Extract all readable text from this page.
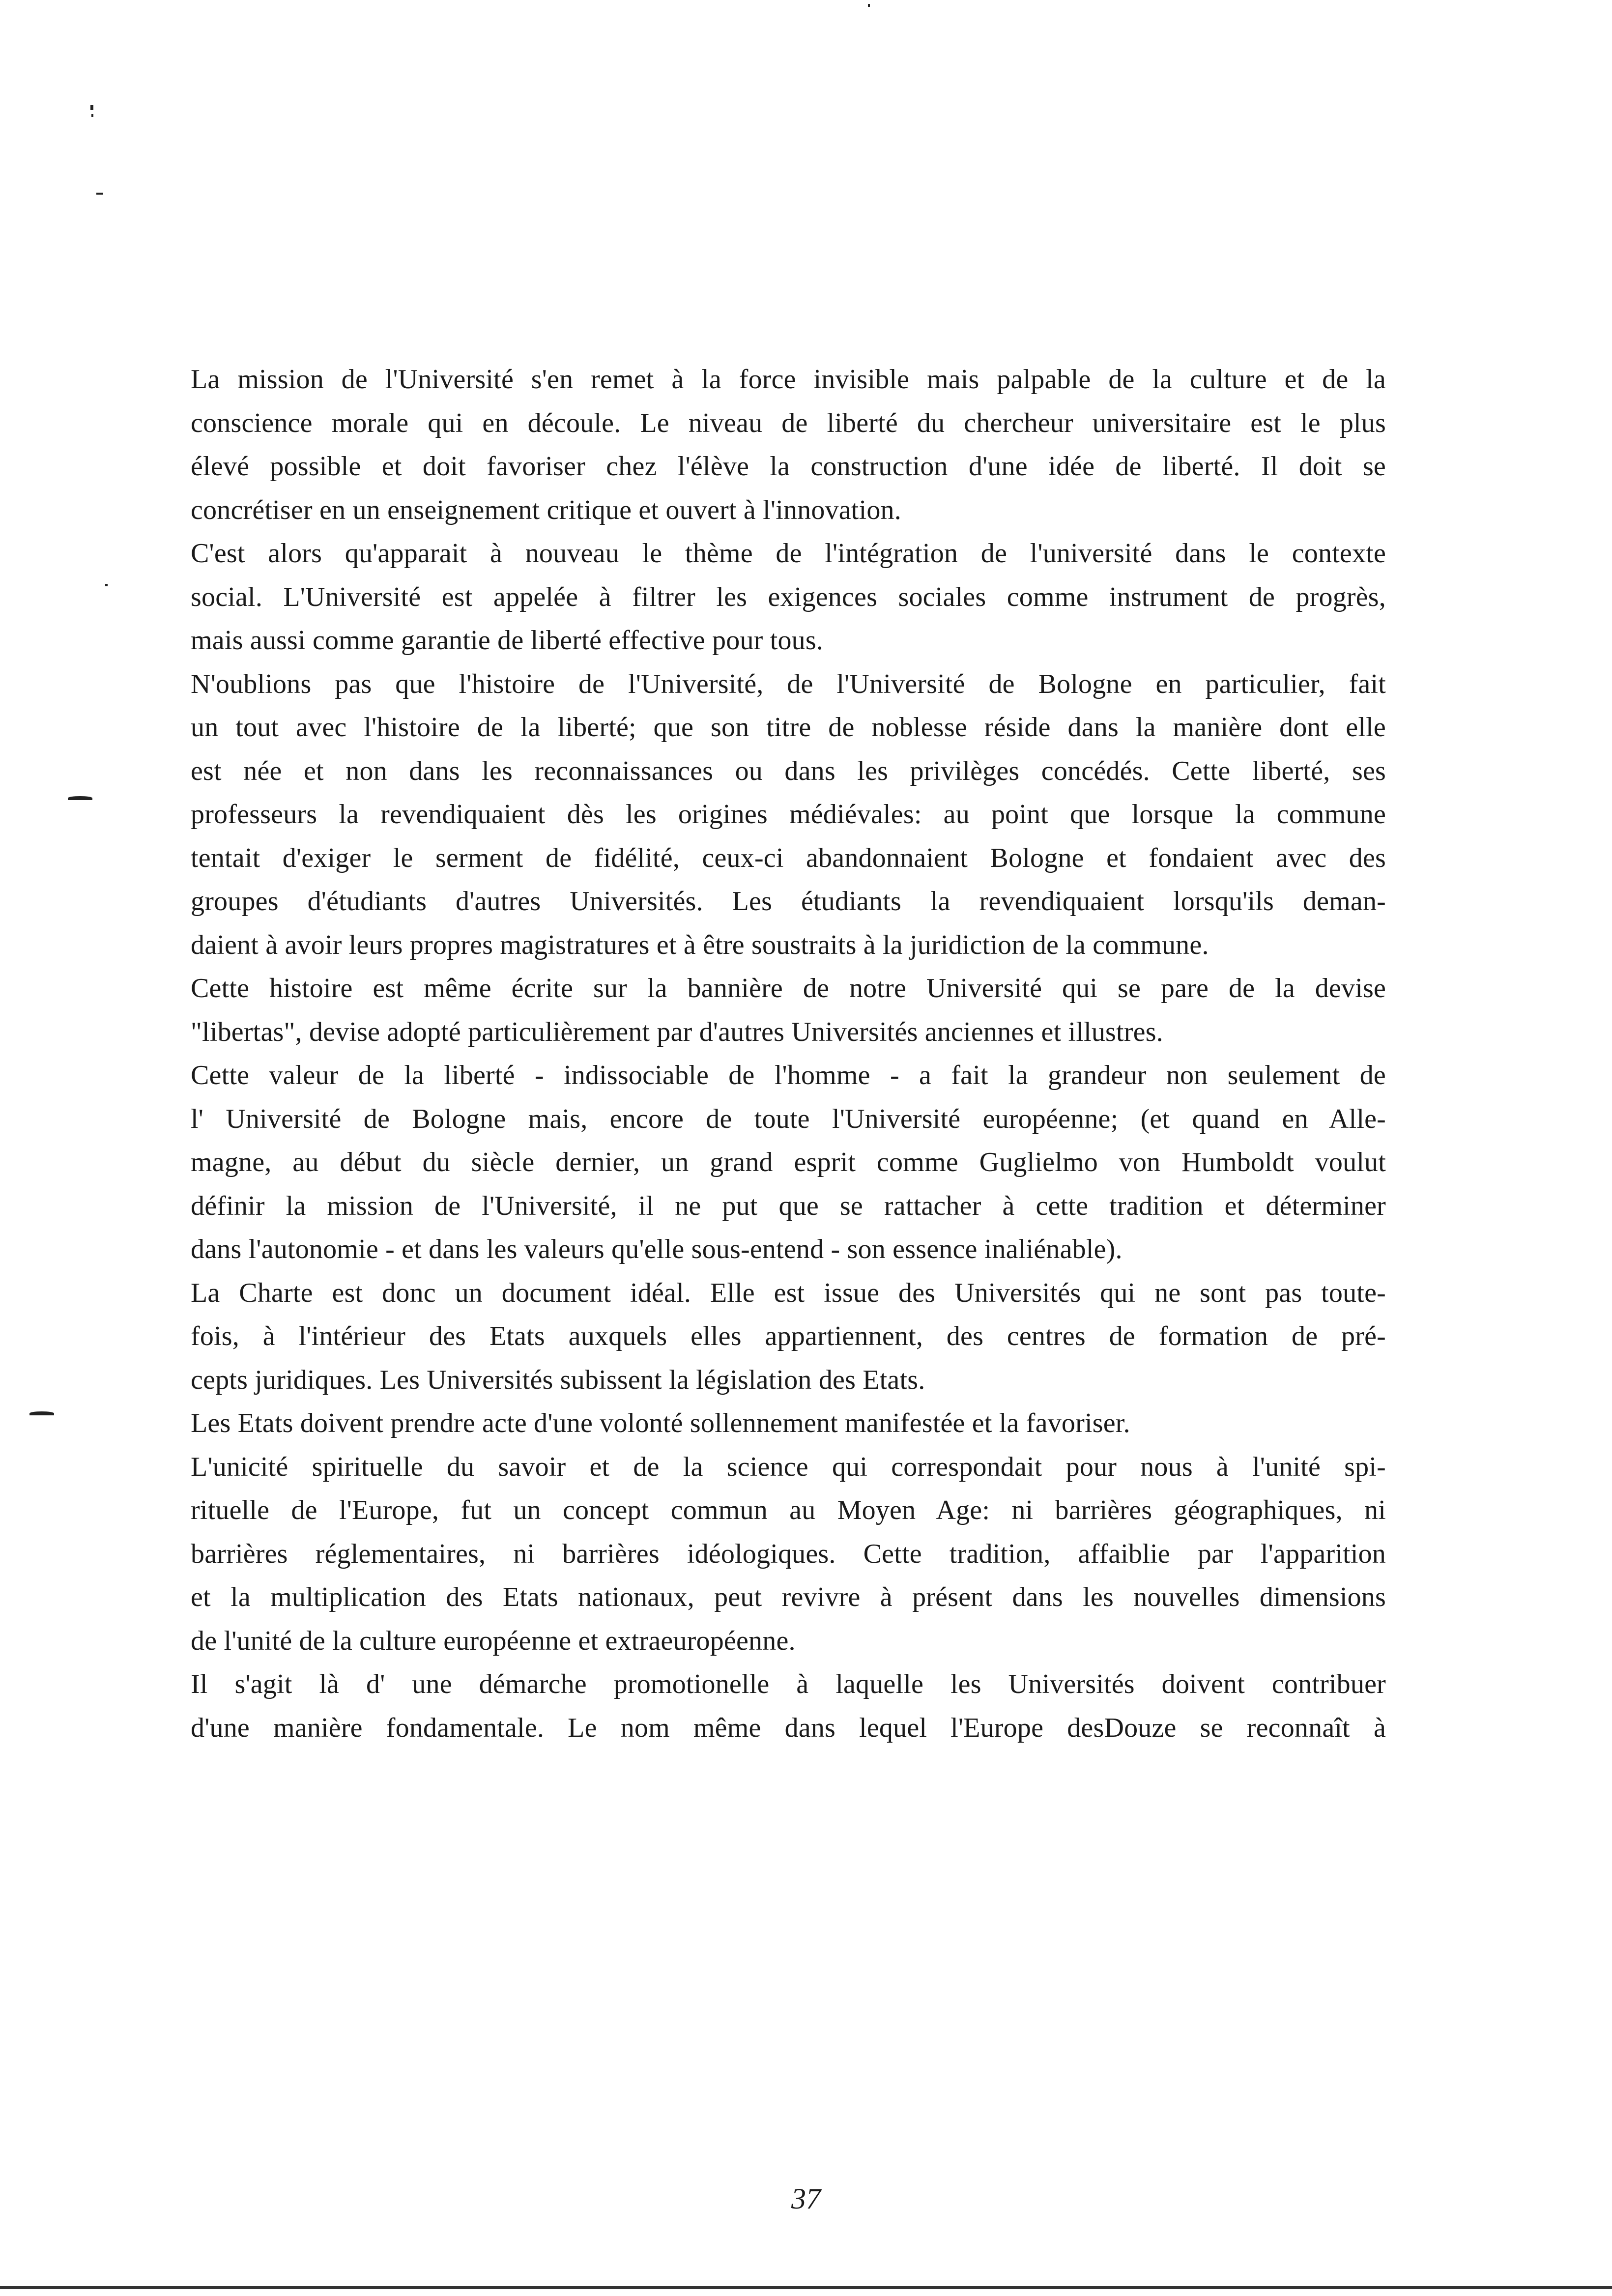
La mission de l'Université s'en remet à la force invisible mais palpable de la culture et de la
conscience morale qui en découle. Le niveau de liberté du chercheur universitaire est le plus
élevé possible et doit favoriser chez l'élève la construction d'une idée de liberté. Il doit se
concrétiser en un enseignement critique et ouvert à l'innovation.

C'est alors qu'apparait à nouveau le thème de l'intégration de l'université dans le contexte
social. L'Université est appelée à filtrer les exigences sociales comme instrument de progrès,
mais aussi comme garantie de liberté effective pour tous.

N'oublions pas que l'histoire de l'Université, de l'Université de Bologne en particulier, fait
un tout avec l'histoire de la liberté; que son titre de noblesse réside dans la manière dont elle
est née et non dans les reconnaissances ou dans les privilèges concédés. Cette liberté, ses
professeurs la revendiquaient dès les origines médiévales: au point que lorsque la commune
tentait d'exiger le serment de fidélité, ceux-ci abandonnaient Bologne et fondaient avec des
groupes d'étudiants d'autres Universités. Les étudiants la revendiquaient lorsqu'ils deman-
daient à avoir leurs propres magistratures et à être soustraits à la juridiction de la commune.

Cette histoire est même écrite sur la bannière de notre Université qui se pare de la devise
"libertas", devise adopté particulièrement par d'autres Universités anciennes et illustres.

Cette valeur de la liberté - indissociable de l'homme - a fait la grandeur non seulement de
l' Université de Bologne mais, encore de toute l'Université européenne; (et quand en Alle-
magne, au début du siècle dernier, un grand esprit comme Guglielmo von Humboldt voulut
définir la mission de l'Université, il ne put que se rattacher à cette tradition et déterminer
dans l'autonomie - et dans les valeurs qu'elle sous-entend - son essence inaliénable).

La Charte est donc un document idéal. Elle est issue des Universités qui ne sont pas toute-
fois, à l'intérieur des Etats auxquels elles appartiennent, des centres de formation de pré-
cepts juridiques. Les Universités subissent la législation des Etats.

Les Etats doivent prendre acte d'une volonté sollennement manifestée et la favoriser.

L'unicité spirituelle du savoir et de la science qui correspondait pour nous à l'unité spi-
rituelle de l'Europe, fut un concept commun au Moyen Age: ni barrières géographiques, ni
barrières réglementaires, ni barrières idéologiques. Cette tradition, affaiblie par l'apparition
et la multiplication des Etats nationaux, peut revivre à présent dans les nouvelles dimensions
de l'unité de la culture européenne et extraeuropéenne.

Il s'agit là d' une démarche promotionelle à laquelle les Universités doivent contribuer
d'une manière fondamentale. Le nom même dans lequel l'Europe desDouze se reconnaît à

37
